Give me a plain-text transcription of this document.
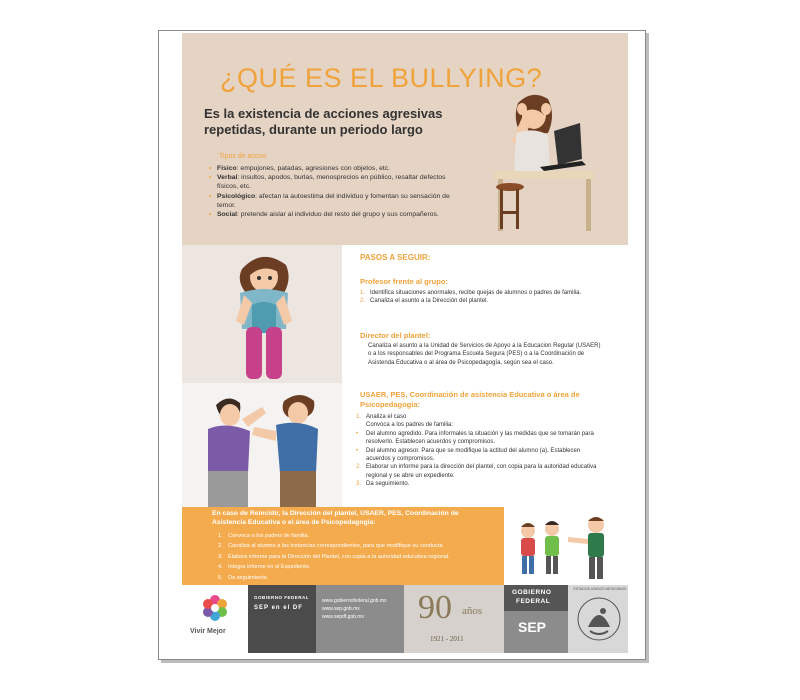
¿QUÉ ES EL BULLYING?
Es la existencia de acciones agresivas repetidas, durante un periodo largo
Tipos de acoso
• Físico: empujones, patadas, agresiones con objetos, etc.
• Verbal: insultos, apodos, burlas, menosprecios en público, resaltar defectos físicos, etc.
• Psicológico: afectan la autoestima del individuo y fomentan su sensación de temor.
• Social: pretende aislar al individuo del resto del grupo y sus compañeros.
PASOS A SEGUIR:
Profesor frente al grupo:
1. Identifica situaciones anormales, recibe quejas de alumnos o padres de familia.
2. Canaliza el asunto a la Dirección del plantel.
Director del plantel:
Canaliza el asunto a la Unidad de Servicios de Apoyo a la Educacion Regular (USAER) o a los responsables del Programa Escuela Segura (PES) o a la Coordinación de Asistenda Educativa o al área de Psicopedagogía, según sea el caso.
USAER, PES, Coordinación de asistencia Educativa o área de Psicopedagogía:
1. Analiza el caso
Convoca a los padres de familia:
• Del alumno agredido. Para informales la situación y las medidas que se tomarán para resolverlo. Establecen acuerdos y compromisos.
• Del alumno agresor. Para que se modifique la actitud del alumno (a). Establecen acuerdos y compromisos.
2. Elaborar un informe para la dirección del plantel, con copia para la autoridad educativa regional y se abre un expediente.
3. Da seguimiento.
En caso de Reincidir, la Dirección del plantel, USAER, PES, Coordinación de Asistencia Educativa o el área de Psicopedagogía:
1. Convoca a los padres de familia.
2. Canaliza al alumno a las instancias correspondientes, para que modifique su conducta
3. Elabora informe para la Dirección del Plantel, con copia a la autoridad educativa regional.
4. Integra informe en el Expediente.
5. Da seguimiento.
Vivir Mejor
GOBIERNO FEDERAL
SEP en el DF
www.gobiernofederal.gob.mx
www.sep.gob.mx
www.sepdf.gob.mx	90 años
1921 - 2011
GOBIERNO
FEDERAL
SEP
ESTADOS UNIDOS MEXICANOS
